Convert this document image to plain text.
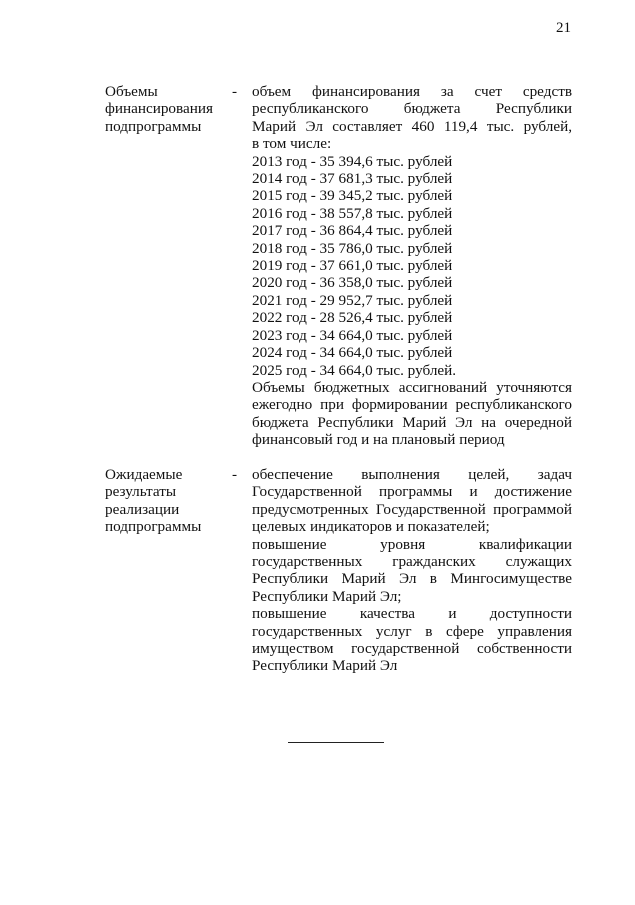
21
Объемы
финансирования
подпрограммы
- объем финансирования за счет средств
республиканского бюджета Республики
Марий Эл составляет 460 119,4 тыс. рублей,
в том числе:
2013 год - 35 394,6 тыс. рублей
2014 год - 37 681,3 тыс. рублей
2015 год - 39 345,2 тыс. рублей
2016 год - 38 557,8 тыс. рублей
2017 год - 36 864,4 тыс. рублей
2018 год - 35 786,0 тыс. рублей
2019 год - 37 661,0 тыс. рублей
2020 год - 36 358,0 тыс. рублей
2021 год - 29 952,7 тыс. рублей
2022 год - 28 526,4 тыс. рублей
2023 год - 34 664,0 тыс. рублей
2024 год - 34 664,0 тыс. рублей
2025 год - 34 664,0 тыс. рублей.
Объемы бюджетных ассигнований уточняются
ежегодно при формировании республиканского
бюджета Республики Марий Эл на очередной
финансовый год и на плановый период
Ожидаемые
результаты
реализации
подпрограммы
- обеспечение выполнения целей, задач
Государственной программы и достижение
предусмотренных Государственной программой
целевых индикаторов и показателей;
повышение уровня квалификации
государственных гражданских служащих
Республики Марий Эл в Мингосимуществе
Республики Марий Эл;
повышение качества и доступности
государственных услуг в сфере управления
имуществом государственной собственности
Республики Марий Эл
